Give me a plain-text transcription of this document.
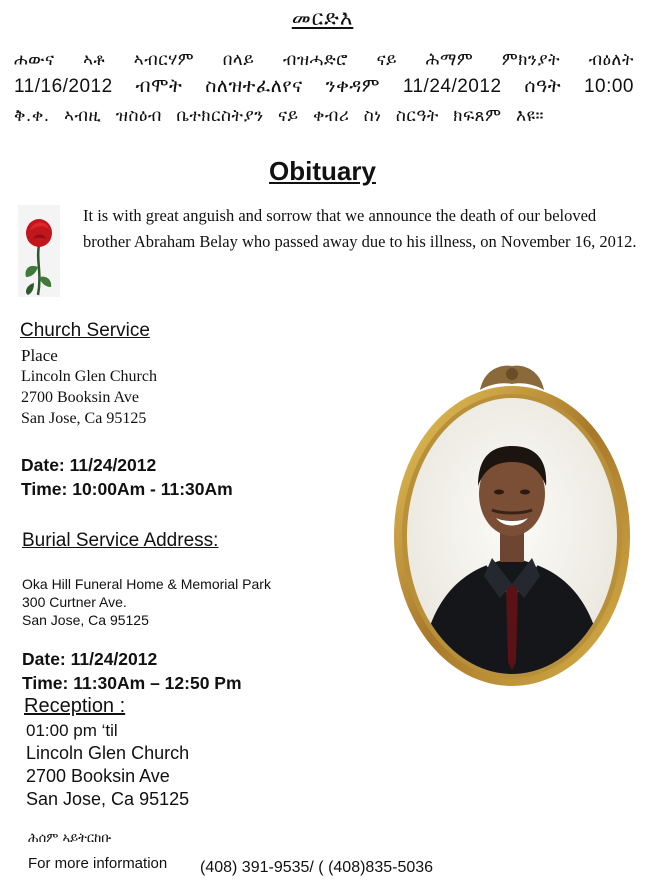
መርድእ
ሐውና ኣቶ ኣብርሃም በላይ ብዝሓድሮ ናይ ሕማም ምክንያት ብዕለት
11/16/2012 ብሞት ስለዝተፈለየና ንቀዳም 11/24/2012 ሰዓት 10:00
ቅ.ቀ. ኣብዚ ዝስዕብ ቤተክርስትያን ናይ ቀብሪ ስነ ስርዓት ክፍጸም እዩ።
Obituary
It is with great anguish and sorrow that we announce the death of our beloved brother Abraham Belay who passed away due to his illness, on November 16, 2012.
Church Service
Place
Lincoln Glen Church
2700 Booksin Ave
San Jose, Ca 95125
Date: 11/24/2012
Time: 10:00Am - 11:30Am
Burial Service Address:
Oka Hill Funeral Home & Memorial Park
300 Curtner Ave.
San Jose, Ca 95125
Date: 11/24/2012
Time: 11:30Am – 12:50 Pm
Reception :
01:00 pm ‘til
Lincoln Glen Church
2700 Booksin Ave
San Jose, Ca 95125
ሕሰም ኣይትርከቡ
For more information (408) 391-9535/ ( (408)835-5036
